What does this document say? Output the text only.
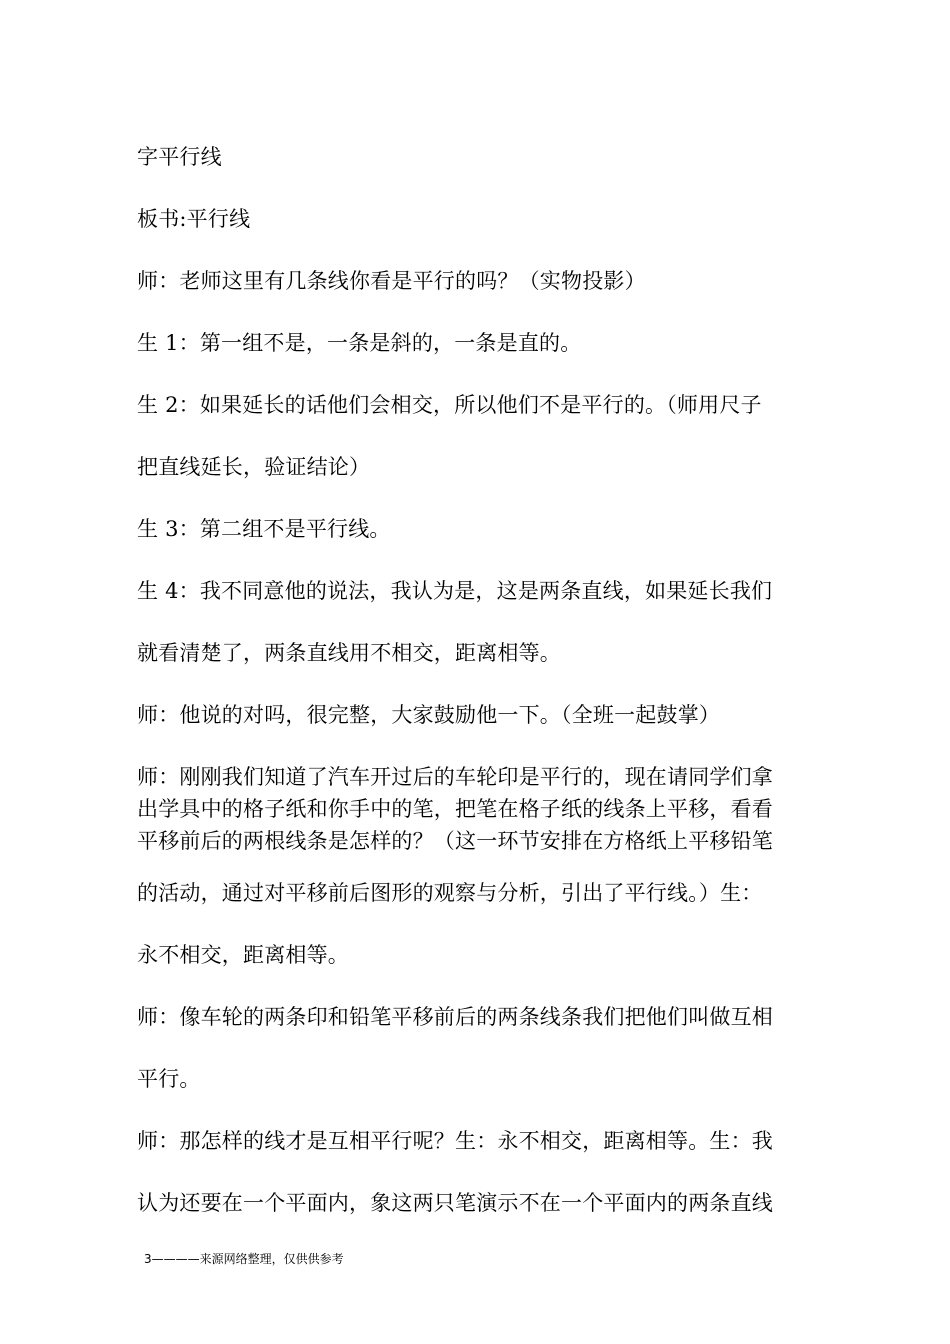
字平行线
板书:平行线
师：老师这里有几条线你看是平行的吗？（实物投影）
生 1：第一组不是，一条是斜的，一条是直的。
生 2：如果延长的话他们会相交，所以他们不是平行的。（师用尺子
把直线延长，验证结论）
生 3：第二组不是平行线。
生 4：我不同意他的说法，我认为是，这是两条直线，如果延长我们
就看清楚了，两条直线用不相交，距离相等。
师：他说的对吗，很完整，大家鼓励他一下。（全班一起鼓掌）
师：刚刚我们知道了汽车开过后的车轮印是平行的，现在请同学们拿
出学具中的格子纸和你手中的笔，把笔在格子纸的线条上平移，看看
平移前后的两根线条是怎样的？（这一环节安排在方格纸上平移铅笔
的活动，通过对平移前后图形的观察与分析，引出了平行线。）生：
永不相交，距离相等。
师：像车轮的两条印和铅笔平移前后的两条线条我们把他们叫做互相
平行。
师：那怎样的线才是互相平行呢？生：永不相交，距离相等。生：我
认为还要在一个平面内，象这两只笔演示不在一个平面内的两条直线
3————来源网络整理，仅供供参考
